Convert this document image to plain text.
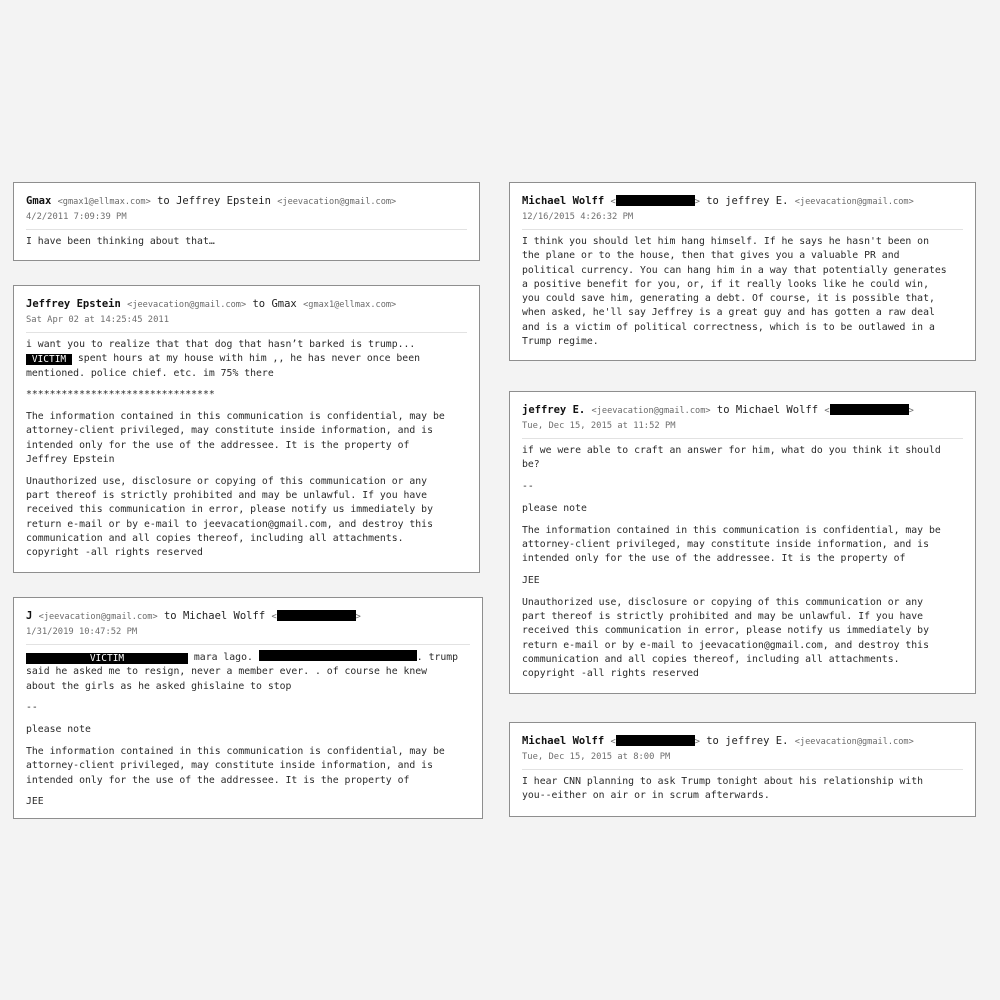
Gmax <gmax1@ellmax.com> to Jeffrey Epstein <jeevacation@gmail.com>
4/2/2011 7:09:39 PM

I have been thinking about that…

Jeffrey Epstein <jeevacation@gmail.com> to Gmax <gmax1@ellmax.com>
Sat Apr 02 at 14:25:45 2011

i want you to realize that that dog that hasn’t barked is trump...
VICTIM spent hours at my house with him ,, he has never once been
mentioned. police chief. etc. im 75% there

********************************

The information contained in this communication is confidential, may be
attorney-client privileged, may constitute inside information, and is
intended only for the use of the addressee. It is the property of
Jeffrey Epstein

Unauthorized use, disclosure or copying of this communication or any
part thereof is strictly prohibited and may be unlawful. If you have
received this communication in error, please notify us immediately by
return e-mail or by e-mail to jeevacation@gmail.com, and destroy this
communication and all copies thereof, including all attachments.
copyright -all rights reserved

J <jeevacation@gmail.com> to Michael Wolff <	>
1/31/2019 10:47:52 PM

VICTIM	mara lago.	. trump
said he asked me to resign, never a member ever. . of course he knew
about the girls as he asked ghislaine to stop

--

please note

The information contained in this communication is confidential, may be
attorney-client privileged, may constitute inside information, and is
intended only for the use of the addressee. It is the property of

JEE

Michael Wolff <	> to jeffrey E. <jeevacation@gmail.com>
12/16/2015 4:26:32 PM

I think you should let him hang himself. If he says he hasn't been on
the plane or to the house, then that gives you a valuable PR and
political currency. You can hang him in a way that potentially generates
a positive benefit for you, or, if it really looks like he could win,
you could save him, generating a debt. Of course, it is possible that,
when asked, he'll say Jeffrey is a great guy and has gotten a raw deal
and is a victim of political correctness, which is to be outlawed in a
Trump regime.

jeffrey E. <jeevacation@gmail.com> to Michael Wolff <	>
Tue, Dec 15, 2015 at 11:52 PM

if we were able to craft an answer for him, what do you think it should
be?

--

please note

The information contained in this communication is confidential, may be
attorney-client privileged, may constitute inside information, and is
intended only for the use of the addressee. It is the property of

JEE

Unauthorized use, disclosure or copying of this communication or any
part thereof is strictly prohibited and may be unlawful. If you have
received this communication in error, please notify us immediately by
return e-mail or by e-mail to jeevacation@gmail.com, and destroy this
communication and all copies thereof, including all attachments.
copyright -all rights reserved

Michael Wolff <	> to jeffrey E. <jeevacation@gmail.com>
Tue, Dec 15, 2015 at 8:00 PM

I hear CNN planning to ask Trump tonight about his relationship with
you--either on air or in scrum afterwards.
